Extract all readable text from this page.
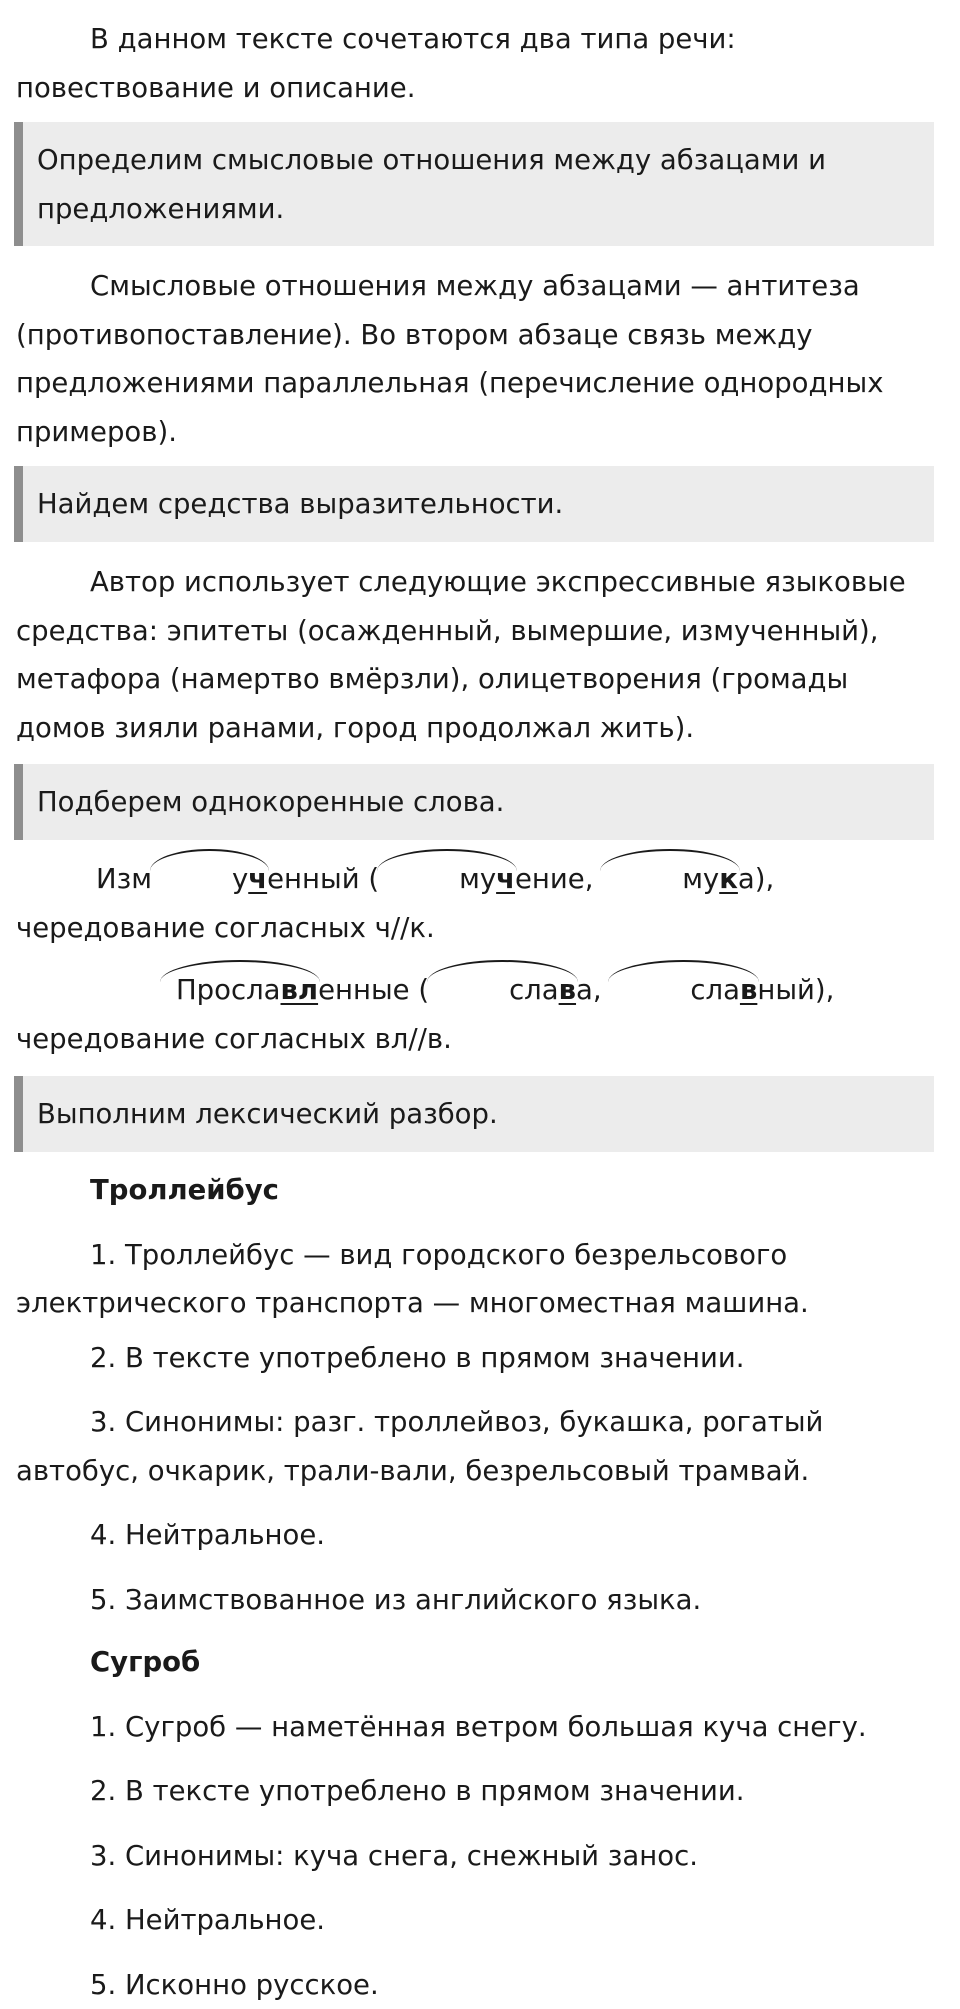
В данном тексте сочетаются два типа речи: повествование и описание.

Определим смысловые отношения между абзацами и предложениями.

Смысловые отношения между абзацами — антитеза (противопоставление). Во втором абзаце связь между предложениями параллельная (перечисление однородных примеров).

Найдем средства выразительности.

Автор использует следующие экспрессивные языковые средства: эпитеты (осажденный, вымершие, измученный), метафора (намертво вмёрзли), олицетворения (громады домов зияли ранами, город продолжал жить).

Подберем однокоренные слова.

Изм	ученный (	мучение,	мука), чередование согласных ч//к.

Прославленные (	слава,	славный), чередование согласных вл//в.

Выполним лексический разбор.

Троллейбус

1. Троллейбус — вид городского безрельсового электрического транспорта — многоместная машина.

2. В тексте употреблено в прямом значении.

3. Синонимы: разг. троллейвоз, букашка, рогатый автобус, очкарик, трали-вали, безрельсовый трамвай.

4. Нейтральное.

5. Заимствованное из английского языка.

Сугроб

1. Сугроб — наметённая ветром большая куча снегу.

2. В тексте употреблено в прямом значении.

3. Синонимы: куча снега, снежный занос.

4. Нейтральное.

5. Исконно русское.
